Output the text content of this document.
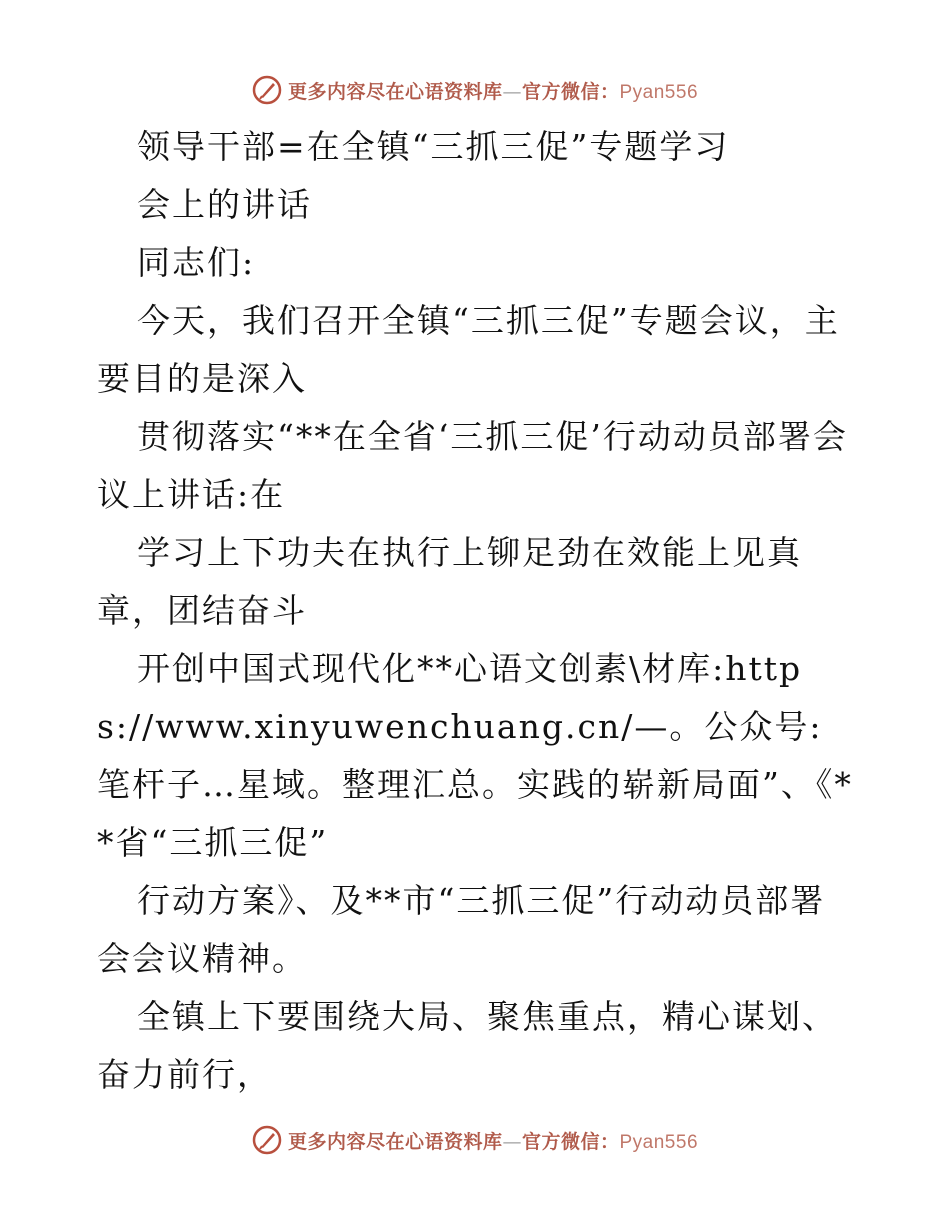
更多内容尽在心语资料库—官方微信：Pyan556

领导干部=在全镇“三抓三促”专题学习

会上的讲话

同志们:

今天，我们召开全镇“三抓三促”专题会议，主要目的是深入

贯彻落实“**在全省‘三抓三促’行动动员部署会议上讲话:在

学习上下功夫在执行上铆足劲在效能上见真章，团结奋斗

开创中国式现代化**心语文创素\材库:https://www.xinyuwenchuang.cn/—。公众号:笔杆子…星域。整理汇总。实践的崭新局面”、《**省“三抓三促”

行动方案》、及**市“三抓三促”行动动员部署会会议精神。

全镇上下要围绕大局、聚焦重点，精心谋划、奋力前行，

更多内容尽在心语资料库—官方微信：Pyan556
